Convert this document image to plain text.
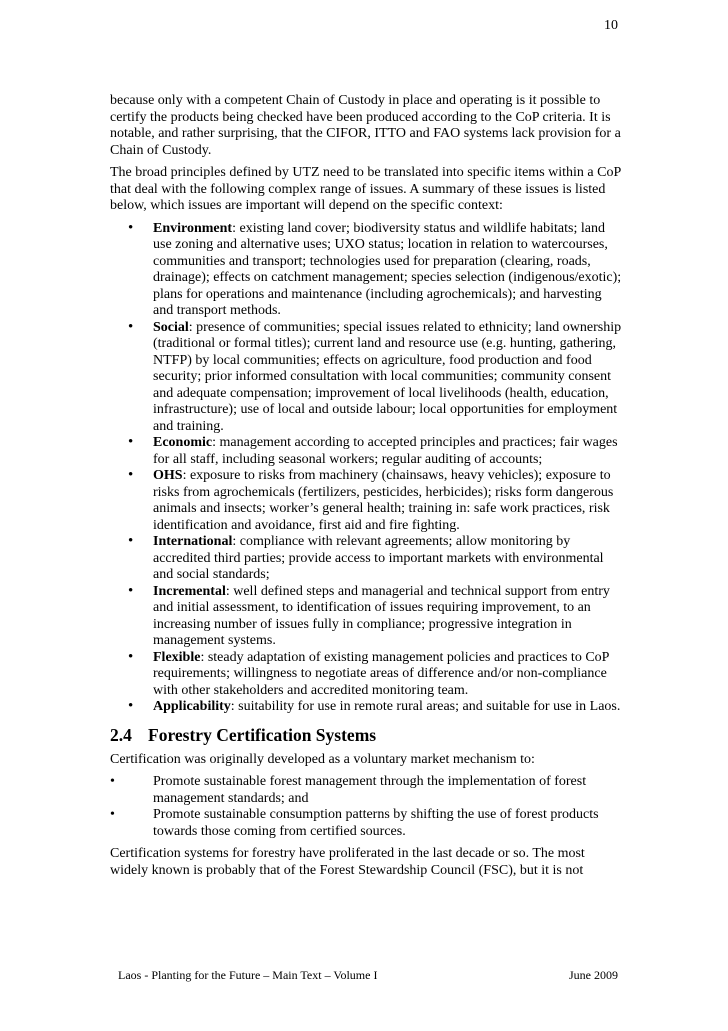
10

because only with a competent Chain of Custody in place and operating is it possible to certify the products being checked have been produced according to the CoP criteria. It is notable, and rather surprising, that the CIFOR, ITTO and FAO systems lack provision for a Chain of Custody.

The broad principles defined by UTZ need to be translated into specific items within a CoP that deal with the following complex range of issues. A summary of these issues is listed below, which issues are important will depend on the specific context:

• Environment: existing land cover; biodiversity status and wildlife habitats; land use zoning and alternative uses; UXO status; location in relation to watercourses, communities and transport; technologies used for preparation (clearing, roads, drainage); effects on catchment management; species selection (indigenous/exotic); plans for operations and maintenance (including agrochemicals); and harvesting and transport methods.
• Social: presence of communities; special issues related to ethnicity; land ownership (traditional or formal titles); current land and resource use (e.g. hunting, gathering, NTFP) by local communities; effects on agriculture, food production and food security; prior informed consultation with local communities; community consent and adequate compensation; improvement of local livelihoods (health, education, infrastructure); use of local and outside labour; local opportunities for employment and training.
• Economic: management according to accepted principles and practices; fair wages for all staff, including seasonal workers; regular auditing of accounts;
• OHS: exposure to risks from machinery (chainsaws, heavy vehicles); exposure to risks from agrochemicals (fertilizers, pesticides, herbicides); risks form dangerous animals and insects; worker’s general health; training in: safe work practices, risk identification and avoidance, first aid and fire fighting.
• International: compliance with relevant agreements; allow monitoring by accredited third parties; provide access to important markets with environmental and social standards;
• Incremental: well defined steps and managerial and technical support from entry and initial assessment, to identification of issues requiring improvement, to an increasing number of issues fully in compliance; progressive integration in management systems.
• Flexible: steady adaptation of existing management policies and practices to CoP requirements; willingness to negotiate areas of difference and/or non-compliance with other stakeholders and accredited monitoring team.
• Applicability: suitability for use in remote rural areas; and suitable for use in Laos.
2.4 Forestry Certification Systems

Certification was originally developed as a voluntary market mechanism to:

•	Promote sustainable forest management through the implementation of forest management standards; and
•	Promote sustainable consumption patterns by shifting the use of forest products towards those coming from certified sources.

Certification systems for forestry have proliferated in the last decade or so. The most widely known is probably that of the Forest Stewardship Council (FSC), but it is not

Laos - Planting for the Future – Main Text – Volume I	June 2009
